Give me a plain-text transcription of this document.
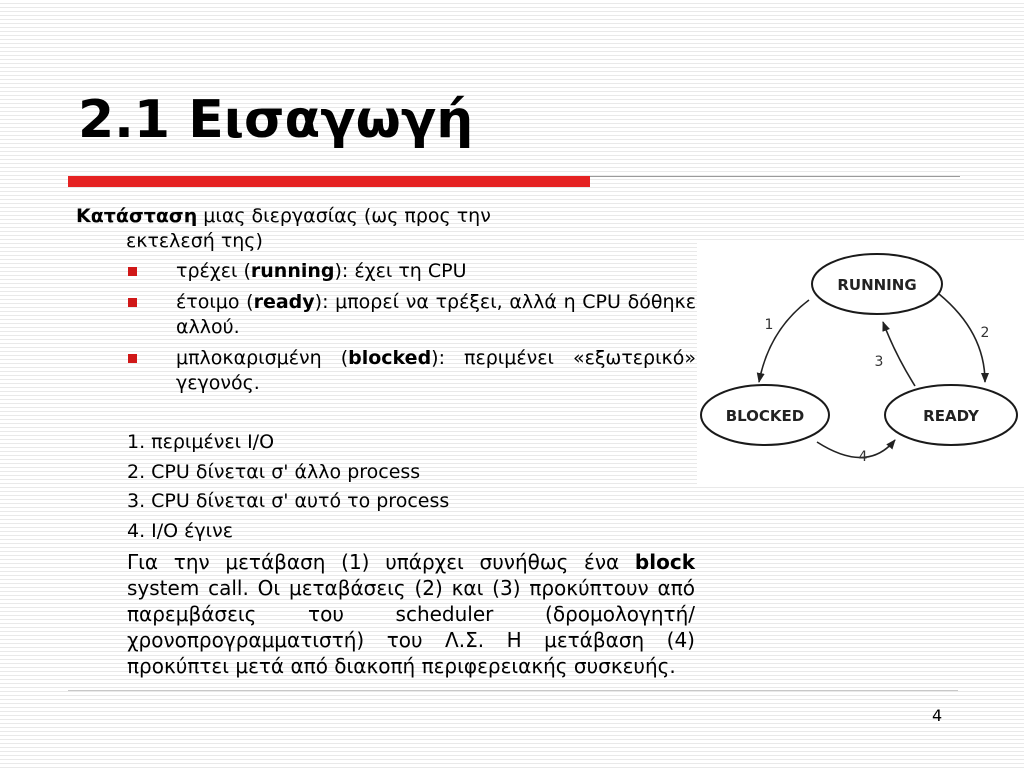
2.1 Εισαγωγή
Κατάσταση μιας διεργασίας (ως προς την
εκτελεσή της)
τρέχει (running): έχει τη CPU
έτοιμο (ready): μπορεί να τρέξει, αλλά η CPU δόθηκε αλλού.
μπλοκαρισμένη (blocked): περιμένει «εξωτερικό» γεγονός.
1. περιμένει I/O
2. CPU δίνεται σ' άλλο process
3. CPU δίνεται σ' αυτό το process
4. I/O έγινε

Για την μετάβαση (1) υπάρχει συνήθως ένα block system call. Οι μεταβάσεις (2) και (3) προκύπτουν από παρεμβάσεις του scheduler (δρομολογητή/χρονοπρογραμματιστή) του Λ.Σ. Η μετάβαση (4) προκύπτει μετά από διακοπή περιφερειακής συσκευής.

RUNNING
BLOCKED	READY
1	2
3
4
4
